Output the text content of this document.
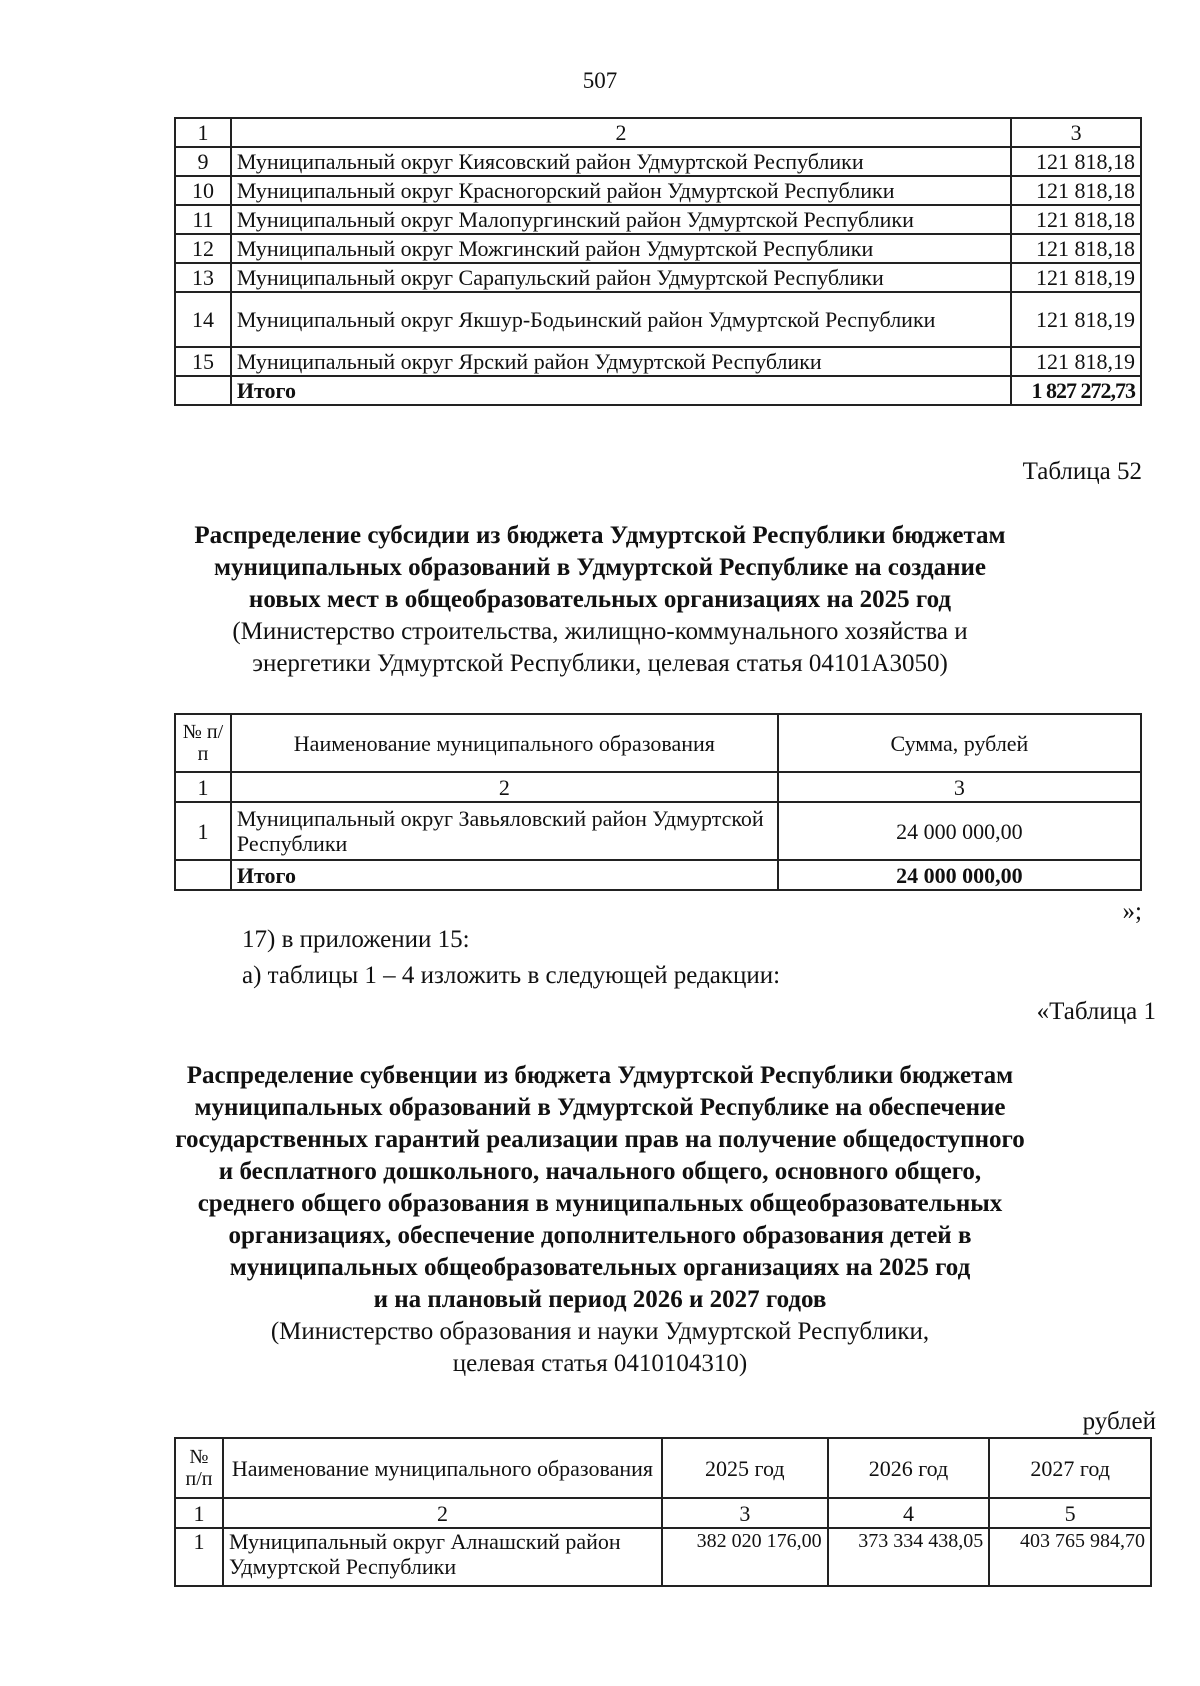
507
1	2	3
9	Муниципальный округ Киясовский район Удмуртской Республики	121 818,18
10	Муниципальный округ Красногорский район Удмуртской Республики	121 818,18
11	Муниципальный округ Малопургинский район Удмуртской Республики	121 818,18
12	Муниципальный округ Можгинский район Удмуртской Республики	121 818,18
13	Муниципальный округ Сарапульский район Удмуртской Республики	121 818,19
14	Муниципальный округ Якшур-Бодьинский район Удмуртской Республики	121 818,19
15	Муниципальный округ Ярский район Удмуртской Республики	121 818,19
	Итого	1 827 272,73
Таблица 52
Распределение субсидии из бюджета Удмуртской Республики бюджетам
муниципальных образований в Удмуртской Республике на создание
новых мест в общеобразовательных организациях на 2025 год
(Министерство строительства, жилищно-коммунального хозяйства и
энергетики Удмуртской Республики, целевая статья 04101А3050)
№ п/п	Наименование муниципального образования	Сумма, рублей
1	2	3
1	Муниципальный округ Завьяловский район Удмуртской Республики	24 000 000,00
	Итого	24 000 000,00
»;
17) в приложении 15:
а) таблицы 1 – 4 изложить в следующей редакции:
«Таблица 1
Распределение субвенции из бюджета Удмуртской Республики бюджетам
муниципальных образований в Удмуртской Республике на обеспечение
государственных гарантий реализации прав на получение общедоступного
и бесплатного дошкольного, начального общего, основного общего,
среднего общего образования в муниципальных общеобразовательных
организациях, обеспечение дополнительного образования детей в
муниципальных общеобразовательных организациях на 2025 год
и на плановый период 2026 и 2027 годов
(Министерство образования и науки Удмуртской Республики,
целевая статья 0410104310)
рублей
№ п/п	Наименование муниципального образования	2025 год	2026 год	2027 год
1	2	3	4	5
1	Муниципальный округ Алнашский район Удмуртской Республики	382 020 176,00	373 334 438,05	403 765 984,70
